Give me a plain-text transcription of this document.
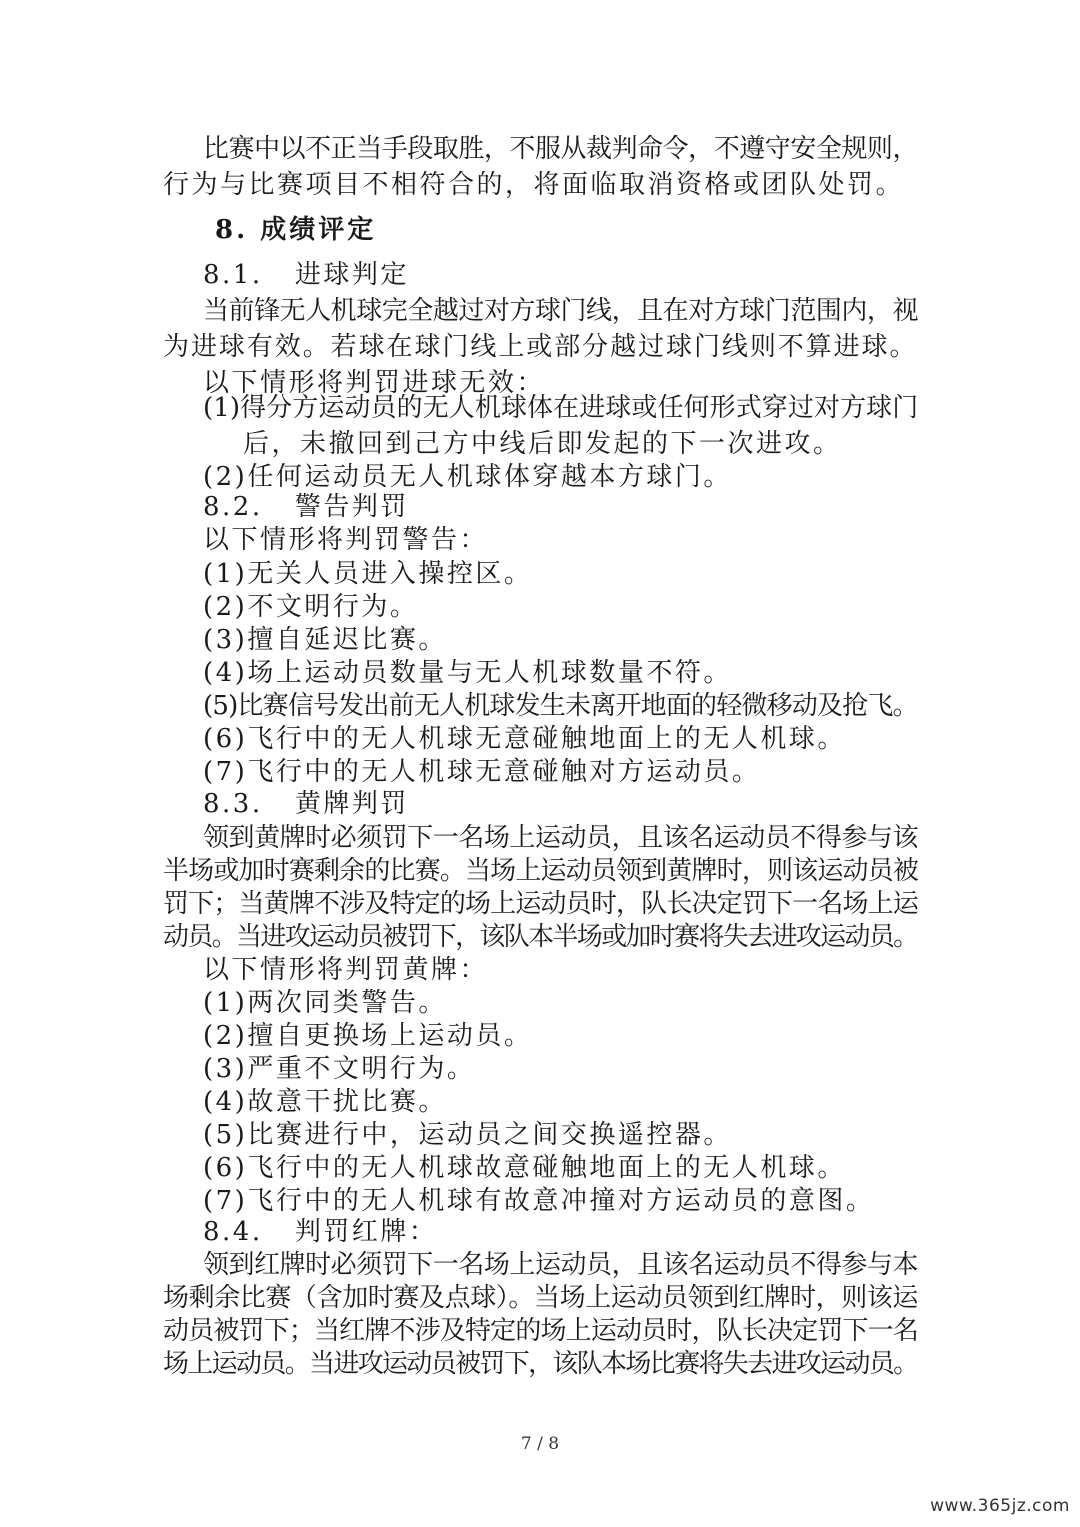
比赛中以不正当手段取胜，不服从裁判命令，不遵守安全规则，
行为与比赛项目不相符合的，将面临取消资格或团队处罚。
8. 成绩评定
8.1.   进球判定
当前锋无人机球完全越过对方球门线，且在对方球门范围内，视
为进球有效。若球在球门线上或部分越过球门线则不算进球。
以下情形将判罚进球无效：
(1)得分方运动员的无人机球体在进球或任何形式穿过对方球门
后，未撤回到己方中线后即发起的下一次进攻。
(2)任何运动员无人机球体穿越本方球门。
8.2.   警告判罚
以下情形将判罚警告：
(1)无关人员进入操控区。
(2)不文明行为。
(3)擅自延迟比赛。
(4)场上运动员数量与无人机球数量不符。
(5)比赛信号发出前无人机球发生未离开地面的轻微移动及抢飞。
(6)飞行中的无人机球无意碰触地面上的无人机球。
(7)飞行中的无人机球无意碰触对方运动员。
8.3.   黄牌判罚
领到黄牌时必须罚下一名场上运动员，且该名运动员不得参与该
半场或加时赛剩余的比赛。当场上运动员领到黄牌时，则该运动员被
罚下；当黄牌不涉及特定的场上运动员时，队长决定罚下一名场上运
动员。当进攻运动员被罚下，该队本半场或加时赛将失去进攻运动员。
以下情形将判罚黄牌：
(1)两次同类警告。
(2)擅自更换场上运动员。
(3)严重不文明行为。
(4)故意干扰比赛。
(5)比赛进行中，运动员之间交换遥控器。
(6)飞行中的无人机球故意碰触地面上的无人机球。
(7)飞行中的无人机球有故意冲撞对方运动员的意图。
8.4.   判罚红牌：
领到红牌时必须罚下一名场上运动员，且该名运动员不得参与本
场剩余比赛（含加时赛及点球）。当场上运动员领到红牌时，则该运
动员被罚下；当红牌不涉及特定的场上运动员时，队长决定罚下一名
场上运动员。当进攻运动员被罚下，该队本场比赛将失去进攻运动员。
7 / 8
www.365jz.com
